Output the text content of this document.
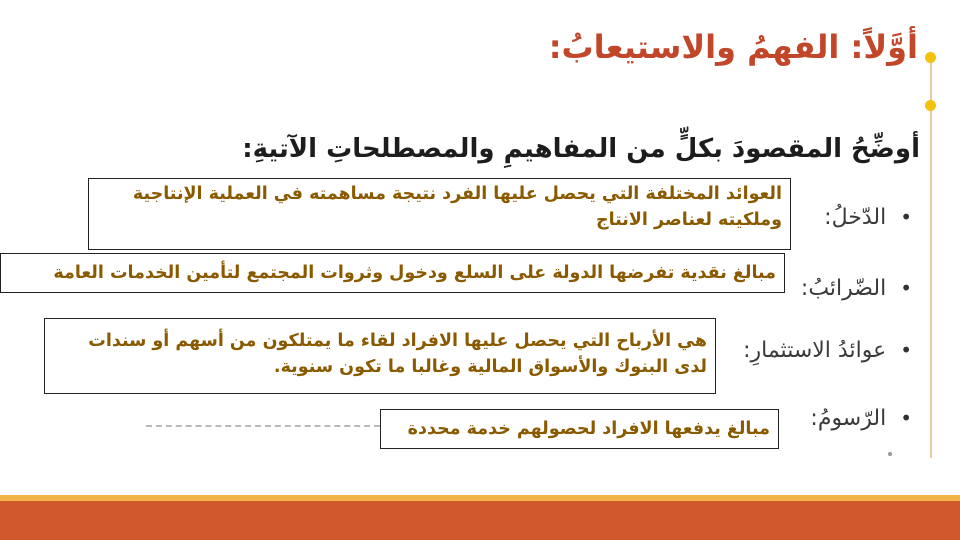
أوَّلاً: الفهمُ والاستيعابُ:
أوضِّحُ المقصودَ بكلٍّ من المفاهيمِ والمصطلحاتِ الآتيةِ:
•الدّخلُ:
•الضّرائبُ:
•عوائدُ الاستثمارِ:
•الرّسومُ:
العوائد المختلفة التي يحصل عليها الفرد نتيجة مساهمته في العملية الإنتاجية
وملكيته لعناصر الانتاج
مبالغ نقدية تفرضها الدولة على السلع ودخول وثروات المجتمع لتأمين الخدمات العامة
هي الأرباح التي يحصل عليها الافراد لقاء ما يمتلكون من أسهم أو سندات
لدى البنوك والأسواق المالية وغالبا ما تكون سنوية.
مبالغ يدفعها الافراد لحصولهم خدمة محددة
